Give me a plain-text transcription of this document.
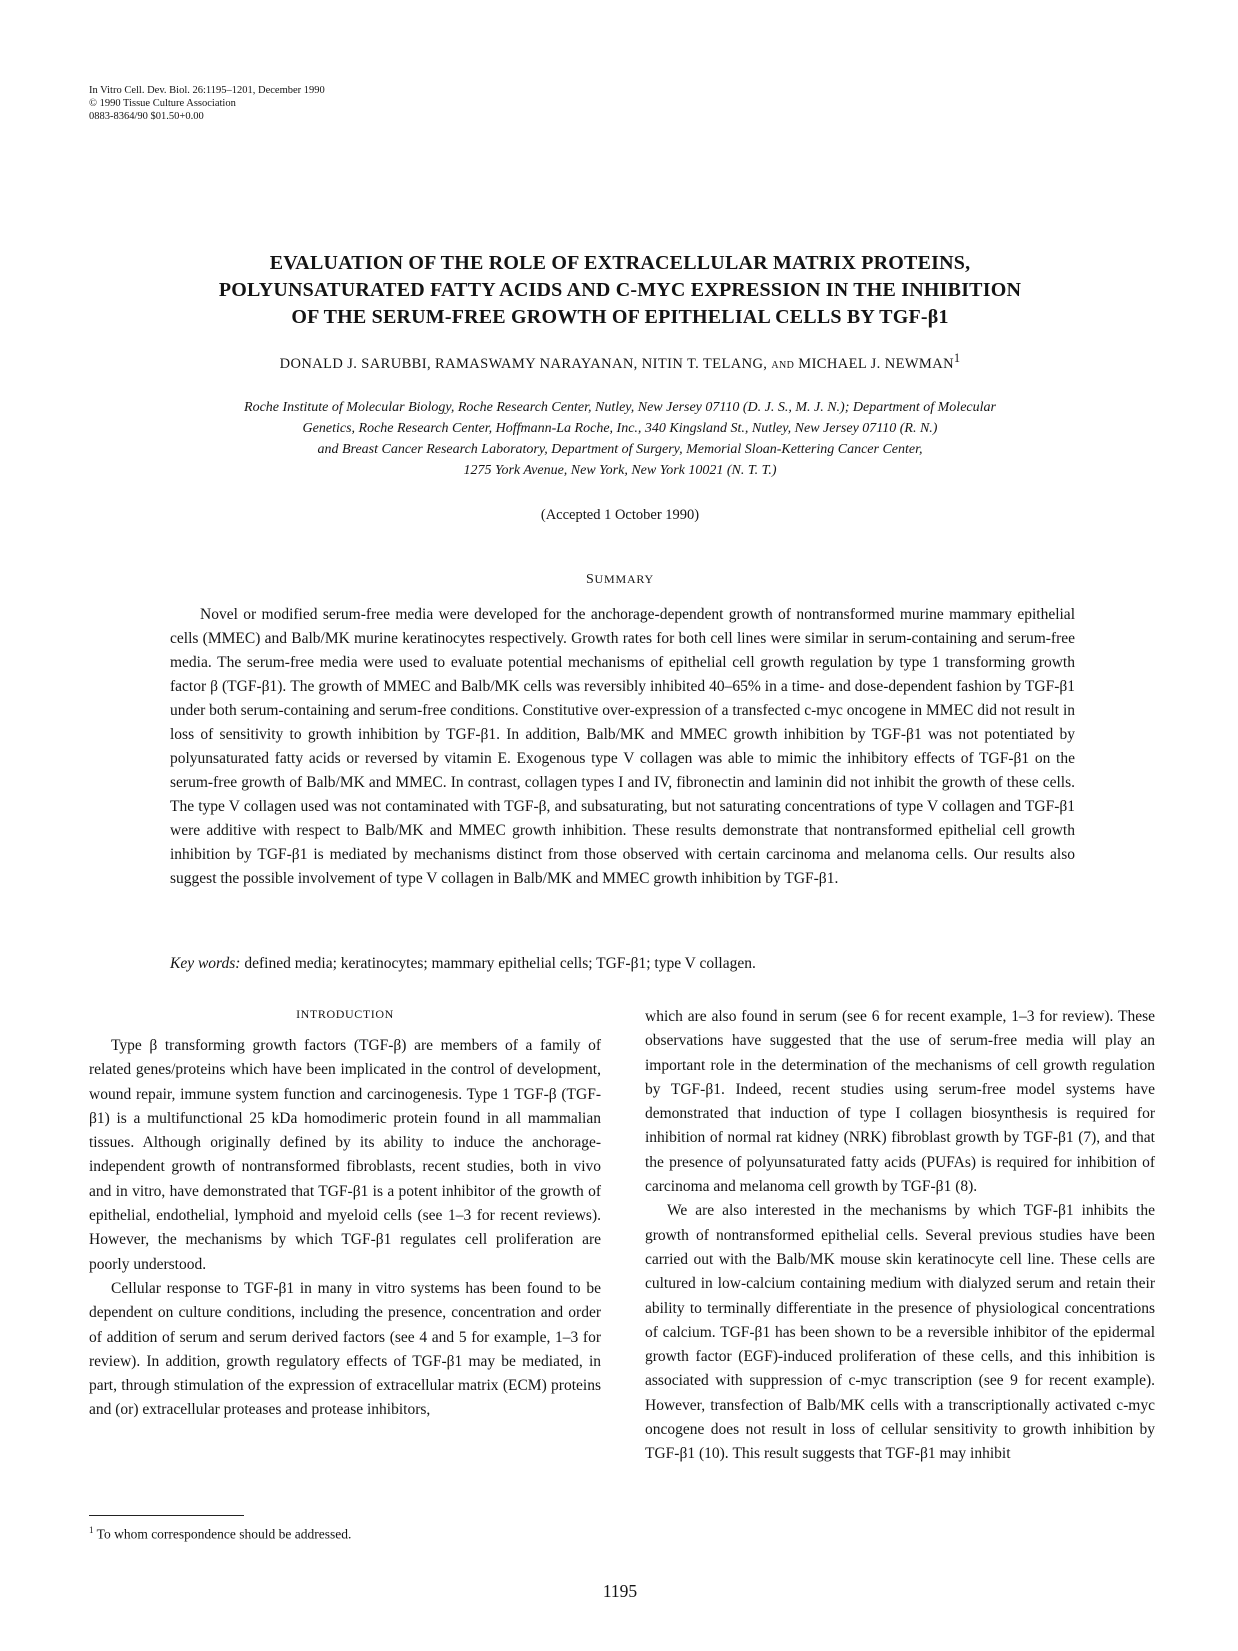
In Vitro Cell. Dev. Biol. 26:1195–1201, December 1990
© 1990 Tissue Culture Association
0883-8364/90 $01.50+0.00
EVALUATION OF THE ROLE OF EXTRACELLULAR MATRIX PROTEINS,
POLYUNSATURATED FATTY ACIDS AND C-MYC EXPRESSION IN THE INHIBITION
OF THE SERUM-FREE GROWTH OF EPITHELIAL CELLS BY TGF-β1
DONALD J. SARUBBI, RAMASWAMY NARAYANAN, NITIN T. TELANG, AND MICHAEL J. NEWMAN$^1$
Roche Institute of Molecular Biology, Roche Research Center, Nutley, New Jersey 07110 (D. J. S., M. J. N.); Department of Molecular
Genetics, Roche Research Center, Hoffmann-La Roche, Inc., 340 Kingsland St., Nutley, New Jersey 07110 (R. N.)
and Breast Cancer Research Laboratory, Department of Surgery, Memorial Sloan-Kettering Cancer Center,
1275 York Avenue, New York, New York 10021 (N. T. T.)
(Accepted 1 October 1990)
SUMMARY
Novel or modified serum-free media were developed for the anchorage-dependent growth of nontransformed murine mammary epithelial cells (MMEC) and Balb/MK murine keratinocytes respectively. Growth rates for both cell lines were similar in serum-containing and serum-free media. The serum-free media were used to evaluate potential mechanisms of epithelial cell growth regulation by type 1 transforming growth factor β (TGF-β1). The growth of MMEC and Balb/MK cells was reversibly inhibited 40–65% in a time- and dose-dependent fashion by TGF-β1 under both serum-containing and serum-free conditions. Constitutive over-expression of a transfected c-myc oncogene in MMEC did not result in loss of sensitivity to growth inhibition by TGF-β1. In addition, Balb/MK and MMEC growth inhibition by TGF-β1 was not potentiated by polyunsaturated fatty acids or reversed by vitamin E. Exogenous type V collagen was able to mimic the inhibitory effects of TGF-β1 on the serum-free growth of Balb/MK and MMEC. In contrast, collagen types I and IV, fibronectin and laminin did not inhibit the growth of these cells. The type V collagen used was not contaminated with TGF-β, and subsaturating, but not saturating concentrations of type V collagen and TGF-β1 were additive with respect to Balb/MK and MMEC growth inhibition. These results demonstrate that nontransformed epithelial cell growth inhibition by TGF-β1 is mediated by mechanisms distinct from those observed with certain carcinoma and melanoma cells. Our results also suggest the possible involvement of type V collagen in Balb/MK and MMEC growth inhibition by TGF-β1.
Key words: defined media; keratinocytes; mammary epithelial cells; TGF-β1; type V collagen.
INTRODUCTION

Type β transforming growth factors (TGF-β) are members of a family of related genes/proteins which have been implicated in the control of development, wound repair, immune system function and carcinogenesis. Type 1 TGF-β (TGF-β1) is a multifunctional 25 kDa homodimeric protein found in all mammalian tissues. Although originally defined by its ability to induce the anchorage-independent growth of nontransformed fibroblasts, recent studies, both in vivo and in vitro, have demonstrated that TGF-β1 is a potent inhibitor of the growth of epithelial, endothelial, lymphoid and myeloid cells (see 1–3 for recent reviews). However, the mechanisms by which TGF-β1 regulates cell proliferation are poorly understood.

Cellular response to TGF-β1 in many in vitro systems has been found to be dependent on culture conditions, including the presence, concentration and order of addition of serum and serum derived factors (see 4 and 5 for example, 1–3 for review). In addition, growth regulatory effects of TGF-β1 may be mediated, in part, through stimulation of the expression of extracellular matrix (ECM) proteins and (or) extracellular proteases and protease inhibitors,

which are also found in serum (see 6 for recent example, 1–3 for review). These observations have suggested that the use of serum-free media will play an important role in the determination of the mechanisms of cell growth regulation by TGF-β1. Indeed, recent studies using serum-free model systems have demonstrated that induction of type I collagen biosynthesis is required for inhibition of normal rat kidney (NRK) fibroblast growth by TGF-β1 (7), and that the presence of polyunsaturated fatty acids (PUFAs) is required for inhibition of carcinoma and melanoma cell growth by TGF-β1 (8).

We are also interested in the mechanisms by which TGF-β1 inhibits the growth of nontransformed epithelial cells. Several previous studies have been carried out with the Balb/MK mouse skin keratinocyte cell line. These cells are cultured in low-calcium containing medium with dialyzed serum and retain their ability to terminally differentiate in the presence of physiological concentrations of calcium. TGF-β1 has been shown to be a reversible inhibitor of the epidermal growth factor (EGF)-induced proliferation of these cells, and this inhibition is associated with suppression of c-myc transcription (see 9 for recent example). However, transfection of Balb/MK cells with a transcriptionally activated c-myc oncogene does not result in loss of cellular sensitivity to growth inhibition by TGF-β1 (10). This result suggests that TGF-β1 may inhibit

$^1$ To whom correspondence should be addressed.
1195
